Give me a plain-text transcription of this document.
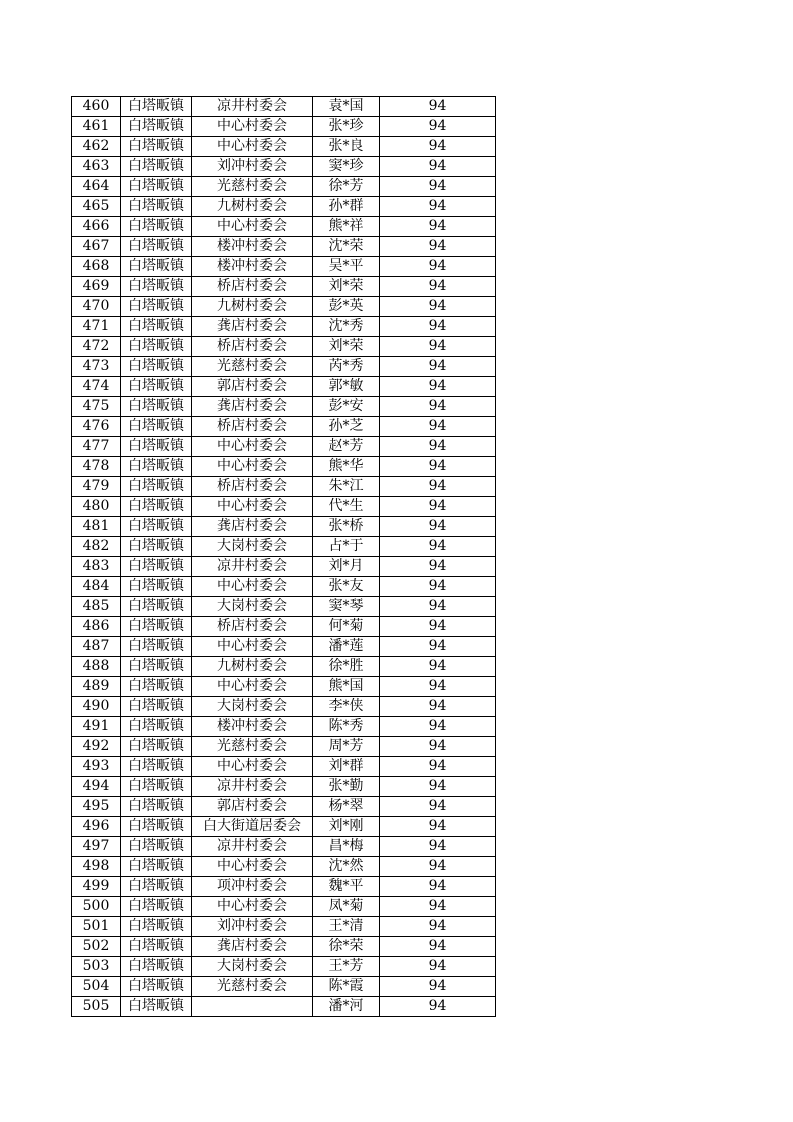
460	白塔畈镇	凉井村委会	袁*国	94
461	白塔畈镇	中心村委会	张*珍	94
462	白塔畈镇	中心村委会	张*良	94
463	白塔畈镇	刘冲村委会	窦*珍	94
464	白塔畈镇	光慈村委会	徐*芳	94
465	白塔畈镇	九树村委会	孙*群	94
466	白塔畈镇	中心村委会	熊*祥	94
467	白塔畈镇	楼冲村委会	沈*荣	94
468	白塔畈镇	楼冲村委会	吴*平	94
469	白塔畈镇	桥店村委会	刘*荣	94
470	白塔畈镇	九树村委会	彭*英	94
471	白塔畈镇	龚店村委会	沈*秀	94
472	白塔畈镇	桥店村委会	刘*荣	94
473	白塔畈镇	光慈村委会	芮*秀	94
474	白塔畈镇	郭店村委会	郭*敏	94
475	白塔畈镇	龚店村委会	彭*安	94
476	白塔畈镇	桥店村委会	孙*芝	94
477	白塔畈镇	中心村委会	赵*芳	94
478	白塔畈镇	中心村委会	熊*华	94
479	白塔畈镇	桥店村委会	朱*江	94
480	白塔畈镇	中心村委会	代*生	94
481	白塔畈镇	龚店村委会	张*桥	94
482	白塔畈镇	大岗村委会	占*于	94
483	白塔畈镇	凉井村委会	刘*月	94
484	白塔畈镇	中心村委会	张*友	94
485	白塔畈镇	大岗村委会	窦*琴	94
486	白塔畈镇	桥店村委会	何*菊	94
487	白塔畈镇	中心村委会	潘*莲	94
488	白塔畈镇	九树村委会	徐*胜	94
489	白塔畈镇	中心村委会	熊*国	94
490	白塔畈镇	大岗村委会	李*侠	94
491	白塔畈镇	楼冲村委会	陈*秀	94
492	白塔畈镇	光慈村委会	周*芳	94
493	白塔畈镇	中心村委会	刘*群	94
494	白塔畈镇	凉井村委会	张*勤	94
495	白塔畈镇	郭店村委会	杨*翠	94
496	白塔畈镇	白大街道居委会	刘*刚	94
497	白塔畈镇	凉井村委会	昌*梅	94
498	白塔畈镇	中心村委会	沈*然	94
499	白塔畈镇	项冲村委会	魏*平	94
500	白塔畈镇	中心村委会	凤*菊	94
501	白塔畈镇	刘冲村委会	王*清	94
502	白塔畈镇	龚店村委会	徐*荣	94
503	白塔畈镇	大岗村委会	王*芳	94
504	白塔畈镇	光慈村委会	陈*霞	94
505	白塔畈镇		潘*河	94
